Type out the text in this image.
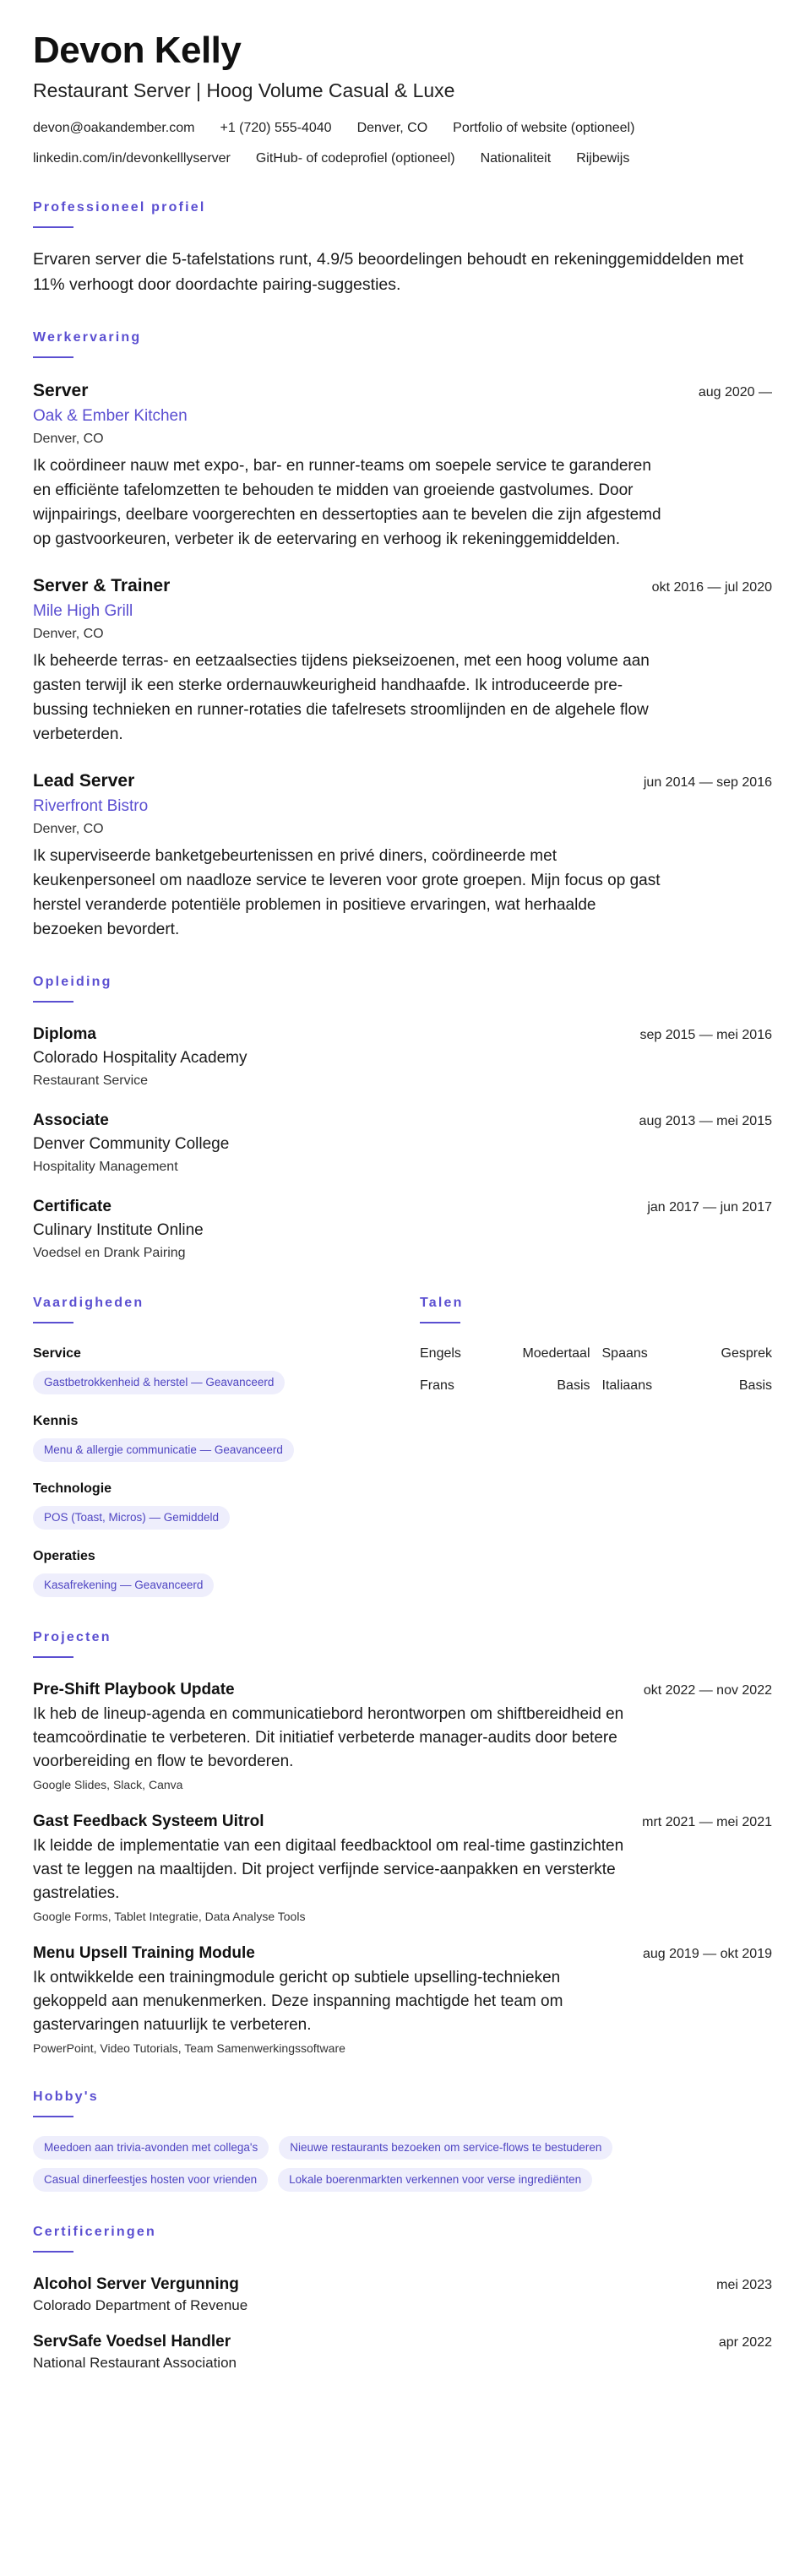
Devon Kelly
Restaurant Server | Hoog Volume Casual & Luxe
devon@oakandember.com +1 (720) 555-4040 Denver, CO Portfolio of website (optioneel)
linkedin.com/in/devonkelllyserver GitHub- of codeprofiel (optioneel) Nationaliteit Rijbewijs
Professioneel profiel
Ervaren server die 5-tafelstations runt, 4.9/5 beoordelingen behoudt en rekeninggemiddelden met 11% verhoogt door doordachte pairing-suggesties.
Werkervaring
Server	aug 2020 —
Oak & Ember Kitchen
Denver, CO
Ik coördineer nauw met expo-, bar- en runner-teams om soepele service te garanderen en efficiënte tafelomzetten te behouden te midden van groeiende gastvolumes. Door wijnpairings, deelbare voorgerechten en dessertopties aan te bevelen die zijn afgestemd op gastvoorkeuren, verbeter ik de eetervaring en verhoog ik rekeninggemiddelden.
Server & Trainer	okt 2016 — jul 2020
Mile High Grill
Denver, CO
Ik beheerde terras- en eetzaalsecties tijdens piekseizoenen, met een hoog volume aan gasten terwijl ik een sterke ordernauwkeurigheid handhaafde. Ik introduceerde pre-bussing technieken en runner-rotaties die tafelresets stroomlijnden en de algehele flow verbeterden.
Lead Server	jun 2014 — sep 2016
Riverfront Bistro
Denver, CO
Ik superviseerde banketgebeurtenissen en privé diners, coördineerde met keukenpersoneel om naadloze service te leveren voor grote groepen. Mijn focus op gast herstel veranderde potentiële problemen in positieve ervaringen, wat herhaalde bezoeken bevordert.
Opleiding
Diploma	sep 2015 — mei 2016
Colorado Hospitality Academy
Restaurant Service
Associate	aug 2013 — mei 2015
Denver Community College
Hospitality Management
Certificate	jan 2017 — jun 2017
Culinary Institute Online
Voedsel en Drank Pairing
Vaardigheden
Service
Gastbetrokkenheid & herstel — Geavanceerd
Kennis
Menu & allergie communicatie — Geavanceerd
Technologie
POS (Toast, Micros) — Gemiddeld
Operaties
Kasafrekening — Geavanceerd
Talen
Engels	Moedertaal Spaans	Gesprek
Frans	Basis Italiaans	Basis
Projecten
Pre-Shift Playbook Update	okt 2022 — nov 2022
Ik heb de lineup-agenda en communicatiebord herontworpen om shiftbereidheid en teamcoördinatie te verbeteren. Dit initiatief verbeterde manager-audits door betere voorbereiding en flow te bevorderen.
Google Slides, Slack, Canva
Gast Feedback Systeem Uitrol	mrt 2021 — mei 2021
Ik leidde de implementatie van een digitaal feedbacktool om real-time gastinzichten vast te leggen na maaltijden. Dit project verfijnde service-aanpakken en versterkte gastrelaties.
Google Forms, Tablet Integratie, Data Analyse Tools
Menu Upsell Training Module	aug 2019 — okt 2019
Ik ontwikkelde een trainingmodule gericht op subtiele upselling-technieken gekoppeld aan menukenmerken. Deze inspanning machtigde het team om gastervaringen natuurlijk te verbeteren.
PowerPoint, Video Tutorials, Team Samenwerkingssoftware
Hobby's
Meedoen aan trivia-avonden met collega's	Nieuwe restaurants bezoeken om service-flows te bestuderen
Casual dinerfeestjes hosten voor vrienden	Lokale boerenmarkten verkennen voor verse ingrediënten
Certificeringen
Alcohol Server Vergunning	mei 2023
Colorado Department of Revenue
ServSafe Voedsel Handler	apr 2022
National Restaurant Association
